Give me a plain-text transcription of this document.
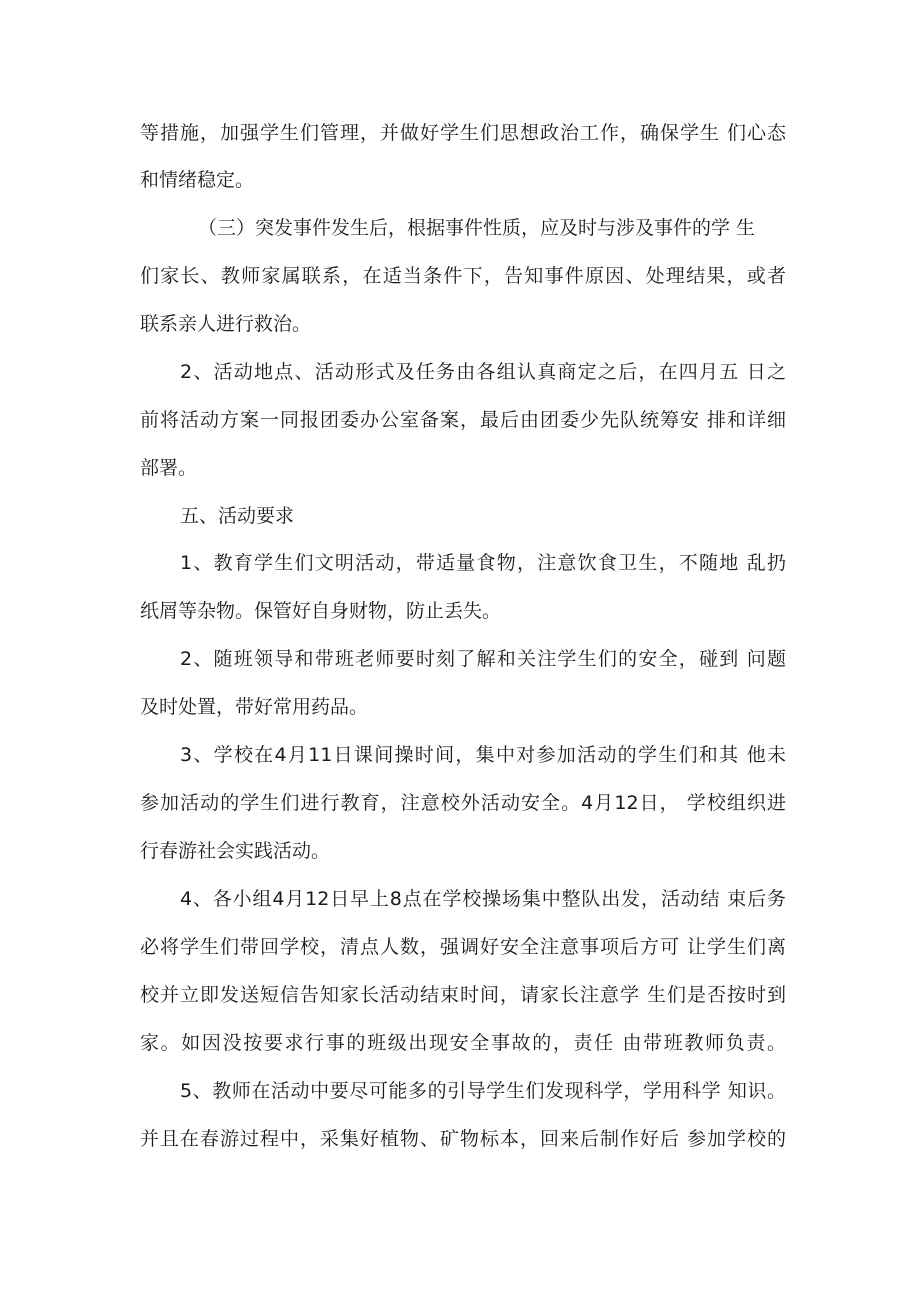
等措施，加强学生们管理，并做好学生们思想政治工作，确保学生 们心态
和情绪稳定。
（三）突发事件发生后，根据事件性质，应及时与涉及事件的学 生
们家长、教师家属联系，在适当条件下，告知事件原因、处理结果，或者
联系亲人进行救治。
2、活动地点、活动形式及任务由各组认真商定之后，在四月五 日之
前将活动方案一同报团委办公室备案，最后由团委少先队统筹安 排和详细
部署。
五、活动要求
1、教育学生们文明活动，带适量食物，注意饮食卫生，不随地 乱扔
纸屑等杂物。保管好自身财物，防止丢失。
2、随班领导和带班老师要时刻了解和关注学生们的安全，碰到 问题
及时处置，带好常用药品。
3、学校在4月11日课间操时间，集中对参加活动的学生们和其 他未
参加活动的学生们进行教育，注意校外活动安全。4月12日， 学校组织进
行春游社会实践活动。
4、各小组4月12日早上8点在学校操场集中整队出发，活动结 束后务
必将学生们带回学校，清点人数，强调好安全注意事项后方可 让学生们离
校并立即发送短信告知家长活动结束时间，请家长注意学 生们是否按时到
家。如因没按要求行事的班级出现安全事故的，责任 由带班教师负责。
5、教师在活动中要尽可能多的引导学生们发现科学，学用科学 知识。
并且在春游过程中，采集好植物、矿物标本，回来后制作好后 参加学校的
